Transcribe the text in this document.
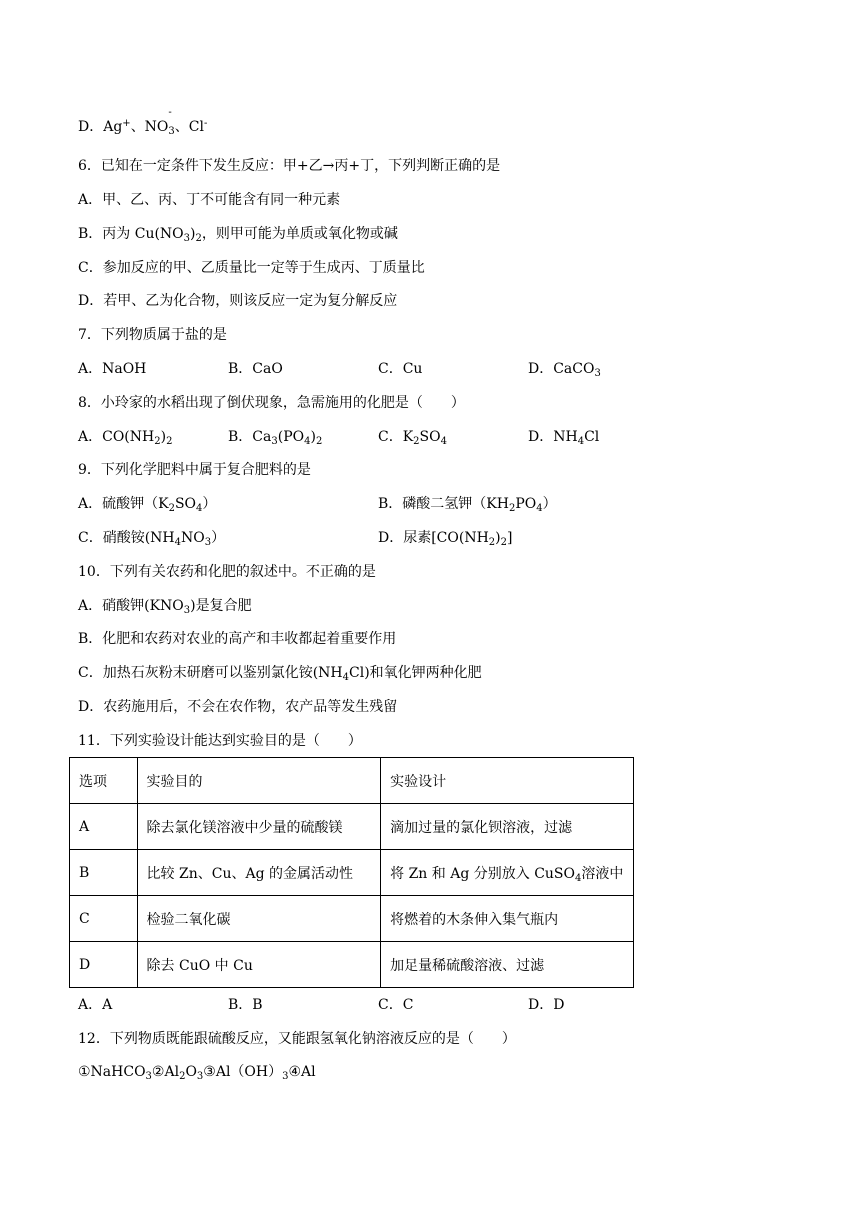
D．Ag+、$NO_3$
-
、Cl-
6．已知在一定条件下发生反应：甲+乙→丙+丁，下列判断正确的是
A．甲、乙、丙、丁不可能含有同一种元素
B．丙为 $Cu(NO_3)_2$，则甲可能为单质或氧化物或碱
C．参加反应的甲、乙质量比一定等于生成丙、丁质量比
D．若甲、乙为化合物，则该反应一定为复分解反应
7．下列物质属于盐的是
A．NaOH	B．CaO	C．Cu	D．CaCO$_3$
8．小玲家的水稻出现了倒伏现象，急需施用的化肥是（　　）
A．$CO(NH_2)_2$	B．$Ca_3(PO_4)_2$	C．$K_2SO_4$	D．$NH_4Cl$
9．下列化学肥料中属于复合肥料的是
A．硫酸钾$(K_2SO_4)$	B．磷酸二氢钾$(KH_2PO_4)$
C．硝酸铵$(NH_4NO_3)$	D．尿素$[CO(NH_2)_2]$
10．下列有关农药和化肥的叙述中。不正确的是
A．硝酸钾$(KNO_3)$是复合肥
B．化肥和农药对农业的高产和丰收都起着重要作用
C．加热石灰粉末研磨可以鉴别氯化铵$(NH_4Cl)$和氧化钾两种化肥
D．农药施用后，不会在农作物，农产品等发生残留
11．下列实验设计能达到实验目的是（　　）
选项	实验目的	实验设计
A	除去氯化镁溶液中少量的硫酸镁	滴加过量的氯化钡溶液，过滤
B	比较 Zn、Cu、Ag 的金属活动性	将 Zn 和 Ag 分别放入 CuSO$_4$溶液中
C	检验二氧化碳	将燃着的木条伸入集气瓶内
D	除去 CuO 中 Cu	加足量稀硫酸溶液、过滤
A．A	B．B	C．C	D．D
12．下列物质既能跟硫酸反应，又能跟氢氧化钠溶液反应的是（　　）
$①NaHCO_3②Al_2O_3③Al(OH)_3④Al$
